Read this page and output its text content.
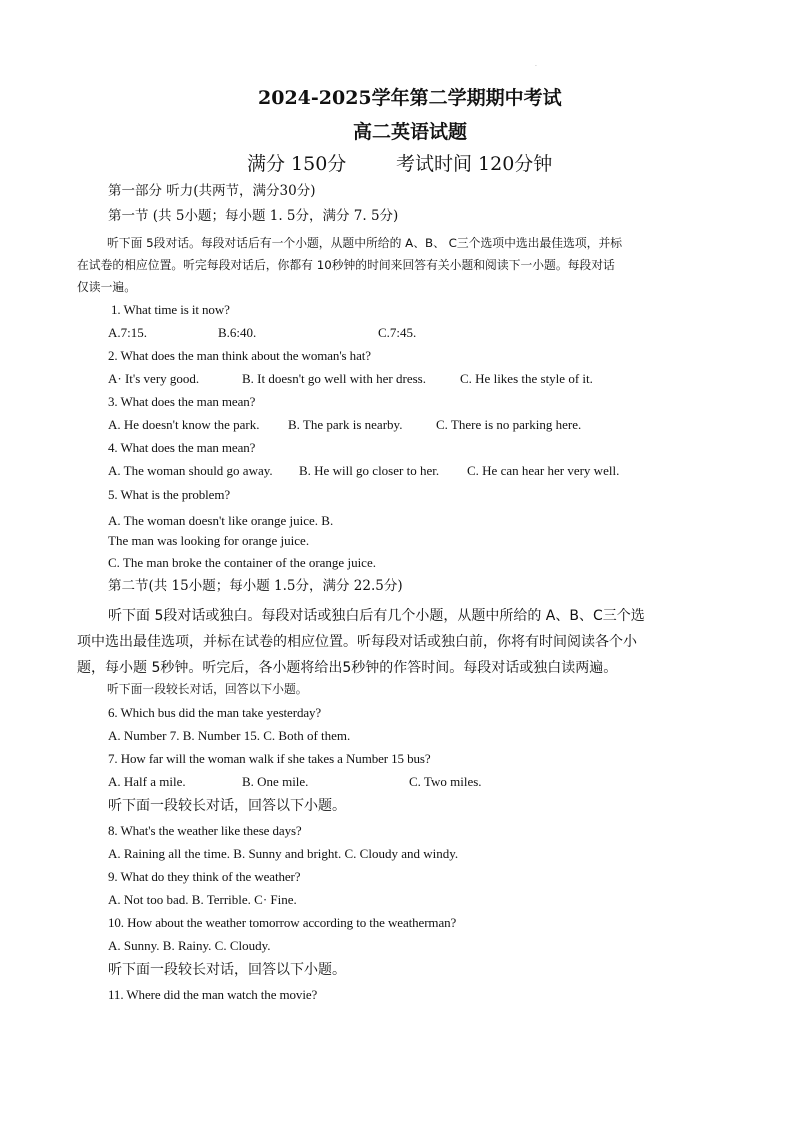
·
2024-2025学年第二学期期中考试
高二英语试题
满分 150分	考试时间 120分钟
第一部分 听力(共两节，满分30分)
第一节 (共 5小题；每小题 1. 5分，满分 7. 5分)
听下面 5段对话。每段对话后有一个小题，从题中所给的 A、B、 C三个选项中选出最佳选项，并标
在试卷的相应位置。听完每段对话后，你都有 10秒钟的时间来回答有关小题和阅读下一小题。每段对话
仅读一遍。
1. What time is it now?
A.7:15.	B.6:40.	C.7:45.
2. What does the man think about the woman's hat?
A· It's very good.	B. It doesn't go well with her dress.	C. He likes the style of it.
3. What does the man mean?
A. He doesn't know the park. B. The park is nearby.	C. There is no parking here.
4. What does the man mean?
A. The woman should go away. B. He will go closer to her. C. He can hear her very well.
5. What is the problem?
A. The woman doesn't like orange juice. B.
The man was looking for orange juice.
C. The man broke the container of the orange juice.
第二节(共 15小题；每小题 1.5分，满分 22.5分)
听下面 5段对话或独白。每段对话或独白后有几个小题，从题中所给的 A、B、C三个选
项中选出最佳选项，并标在试卷的相应位置。听每段对话或独白前，你将有时间阅读各个小
题，每小题 5秒钟。听完后，各小题将给出5秒钟的作答时间。每段对话或独白读两遍。
听下面一段较长对话，回答以下小题。
6. Which bus did the man take yesterday?
A. Number 7. B. Number 15. C. Both of them.
7. How far will the woman walk if she takes a Number 15 bus?
A. Half a mile.	B. One mile.	C. Two miles.
听下面一段较长对话，回答以下小题。
8. What's the weather like these days?
A. Raining all the time. B. Sunny and bright. C. Cloudy and windy.
9. What do they think of the weather?
A. Not too bad. B. Terrible. C· Fine.
10. How about the weather tomorrow according to the weatherman?
A. Sunny. B. Rainy. C. Cloudy.
听下面一段较长对话，回答以下小题。
11. Where did the man watch the movie?
